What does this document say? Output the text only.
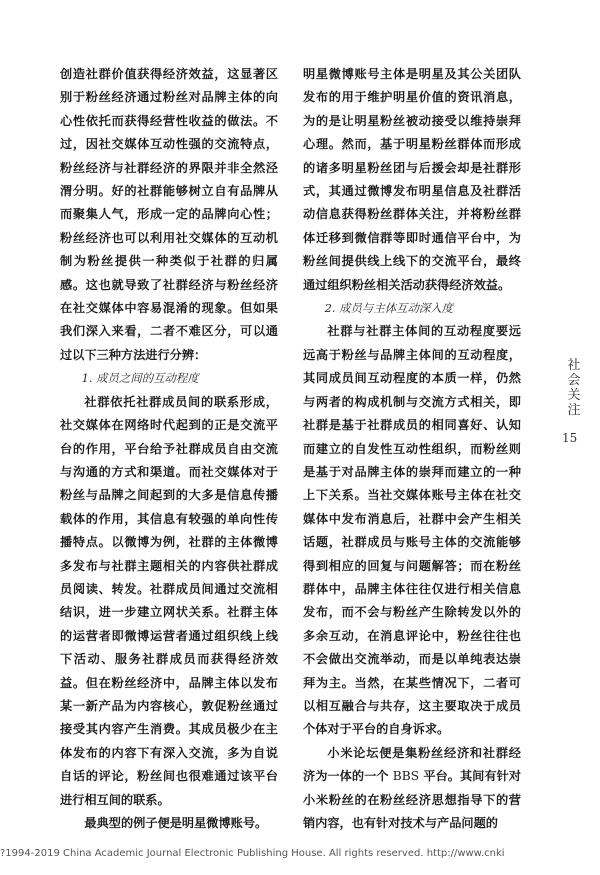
创造社群价值获得经济效益，这显著区别于粉丝经济通过粉丝对品牌主体的向心性依托而获得经营性收益的做法。不过，因社交媒体互动性强的交流特点，粉丝经济与社群经济的界限并非全然泾渭分明。好的社群能够树立自有品牌从而聚集人气，形成一定的品牌向心性；粉丝经济也可以利用社交媒体的互动机制为粉丝提供一种类似于社群的归属感。这也就导致了社群经济与粉丝经济在社交媒体中容易混淆的现象。但如果我们深入来看，二者不难区分，可以通过以下三种方法进行分辨：

1. 成员之间的互动程度

社群依托社群成员间的联系形成，社交媒体在网络时代起到的正是交流平台的作用，平台给予社群成员自由交流与沟通的方式和渠道。而社交媒体对于粉丝与品牌之间起到的大多是信息传播载体的作用，其信息有较强的单向性传播特点。以微博为例，社群的主体微博多发布与社群主题相关的内容供社群成员阅读、转发。社群成员间通过交流相结识，进一步建立网状关系。社群主体的运营者即微博运营者通过组织线上线下活动、服务社群成员而获得经济效益。但在粉丝经济中，品牌主体以发布某一新产品为内容核心，敦促粉丝通过接受其内容产生消费。其成员极少在主体发布的内容下有深入交流，多为自说自话的评论，粉丝间也很难通过该平台进行相互间的联系。

最典型的例子便是明星微博账号。

明星微博账号主体是明星及其公关团队发布的用于维护明星价值的资讯消息，为的是让明星粉丝被动接受以维持崇拜心理。然而，基于明星粉丝群体而形成的诸多明星粉丝团与后援会却是社群形式，其通过微博发布明星信息及社群活动信息获得粉丝群体关注，并将粉丝群体迁移到微信群等即时通信平台中，为粉丝间提供线上线下的交流平台，最终通过组织粉丝相关活动获得经济效益。

2. 成员与主体互动深入度

社群与社群主体间的互动程度要远远高于粉丝与品牌主体间的互动程度，其同成员间互动程度的本质一样，仍然与两者的构成机制与交流方式相关，即社群是基于社群成员的相同喜好、认知而建立的自发性互动性组织，而粉丝则是基于对品牌主体的崇拜而建立的一种上下关系。当社交媒体账号主体在社交媒体中发布消息后，社群中会产生相关话题，社群成员与账号主体的交流能够得到相应的回复与问题解答；而在粉丝群体中，品牌主体往往仅进行相关信息发布，而不会与粉丝产生除转发以外的多余互动，在消息评论中，粉丝往往也不会做出交流举动，而是以单纯表达崇拜为主。当然，在某些情况下，二者可以相互融合与共存，这主要取决于成员个体对于平台的自身诉求。

小米论坛便是集粉丝经济和社群经济为一体的一个 BBS 平台。其间有针对小米粉丝的在粉丝经济思想指导下的营销内容，也有针对技术与产品问题的

社会关注
15
?1994-2019 China Academic Journal Electronic Publishing House. All rights reserved. http://www.cnki
